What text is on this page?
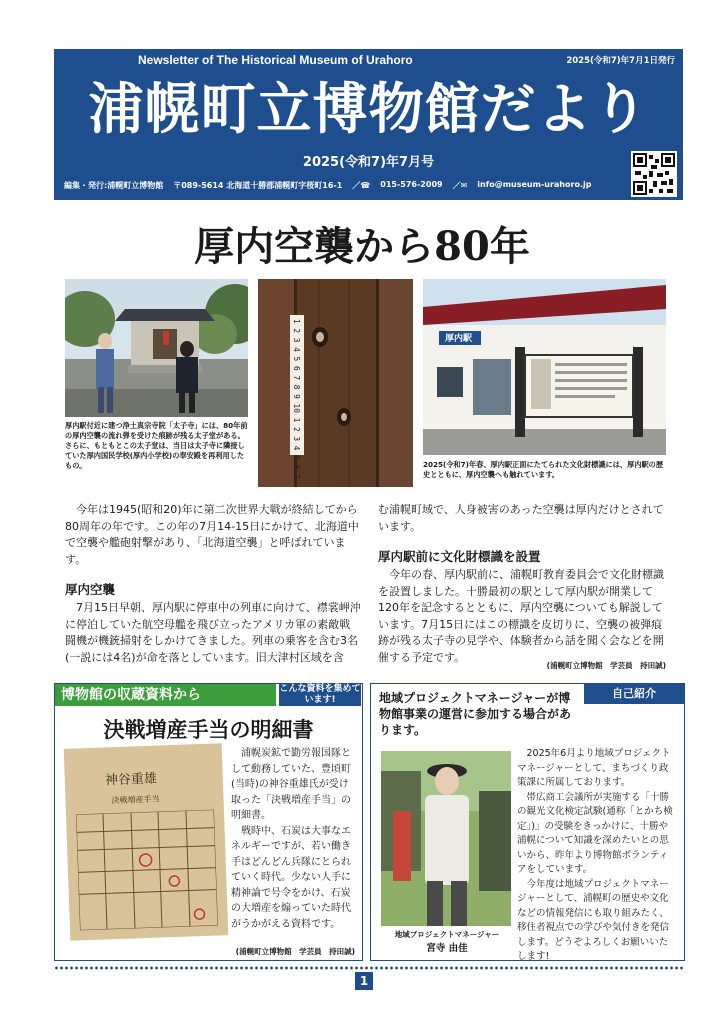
Newsletter of The Historical Museum of Urahoro	2025(令和7)年7月1日発行
浦幌町立博物館だより
2025(令和7)年7月号
編集・発行:浦幌町立博物館 〒089-5614 北海道十勝郡浦幌町字桜町16-1 ／☎ 015-576-2009 ／✉ info@museum-urahoro.jp
厚内空襲から80年
厚内駅付近に建つ浄土真宗寺院「太子寺」には、80年前の厚内空襲の流れ弾を受けた痕跡が残る太子堂がある。
さらに、もともとこの太子堂は、当日は太子寺に隣接していた厚内国民学校(厚内小学校)の奉安殿を再利用したもの。	1 2 3 4 5 6 7 8 9 10 1 2 3 4 5 6 7	厚内駅
2025(令和7)年春、厚内駅正面にたてられた文化財標識には、厚内駅の歴史とともに、厚内空襲へも触れています。

今年は1945(昭和20)年に第二次世界大戦が終結してから80周年の年です。この年の7月14-15日にかけて、北海道中で空襲や艦砲射撃があり、「北海道空襲」と呼ばれています。

厚内空襲

7月15日早朝、厚内駅に停車中の列車に向けて、襟裳岬沖に停泊していた航空母艦を飛び立ったアメリカ軍の素敵戦闘機が機銃掃射をしかけてきました。列車の乗客を含む3名(一説には4名)が命を落としています。旧大津村区域を含

む浦幌町域で、人身被害のあった空襲は厚内だけとされています。

厚内駅前に文化財標識を設置

今年の春、厚内駅前に、浦幌町教育委員会で文化財標識を設置しました。十勝最初の駅として厚内駅が開業して120年を記念するとともに、厚内空襲についても解説しています。7月15日にはこの標識を皮切りに、空襲の被弾痕跡が残る太子寺の見学や、体験者から話を聞く会などを開催する予定です。

(浦幌町立博物館　学芸員　持田誠)
博物館の収蔵資料から	こんな資料を集めています!
決戦増産手当の明細書
神谷重雄
決戦増産手当

浦幌炭鉱で勤労報国隊として動務していた、豊頃町(当時)の神谷重雄氏が受け取った「決戦増産手当」の明細書。

戦時中、石炭は大事なエネルギーですが、若い働き手はどんどん兵隊にとられていく時代。少ない人手に精神論で号令をかけ、石炭の大増産を煽っていた時代がうかがえる資料です。

(浦幌町立博物館　学芸員　持田誠)
自己紹介
地域プロジェクトマネージャーが博物館事業の運営に参加する場合があります。
地域プロジェクトマネージャー
宮寺 由佳

2025年6月より地域プロジェクトマネージャーとして、まちづくり政策課に所属しております。

帯広商工会議所が実施する「十勝の観光文化検定試験(通称「とかち検定」)」の受験をきっかけに、十勝や浦幌について知識を深めたいとの思いから、昨年より博物館ボランティアをしています。

今年度は地域プロジェクトマネージャーとして、浦幌町の歴史や文化などの情報発信にも取り組みたく、移住者視点での学びや気付きを発信します。どうぞよろしくお願いいたします!

1
